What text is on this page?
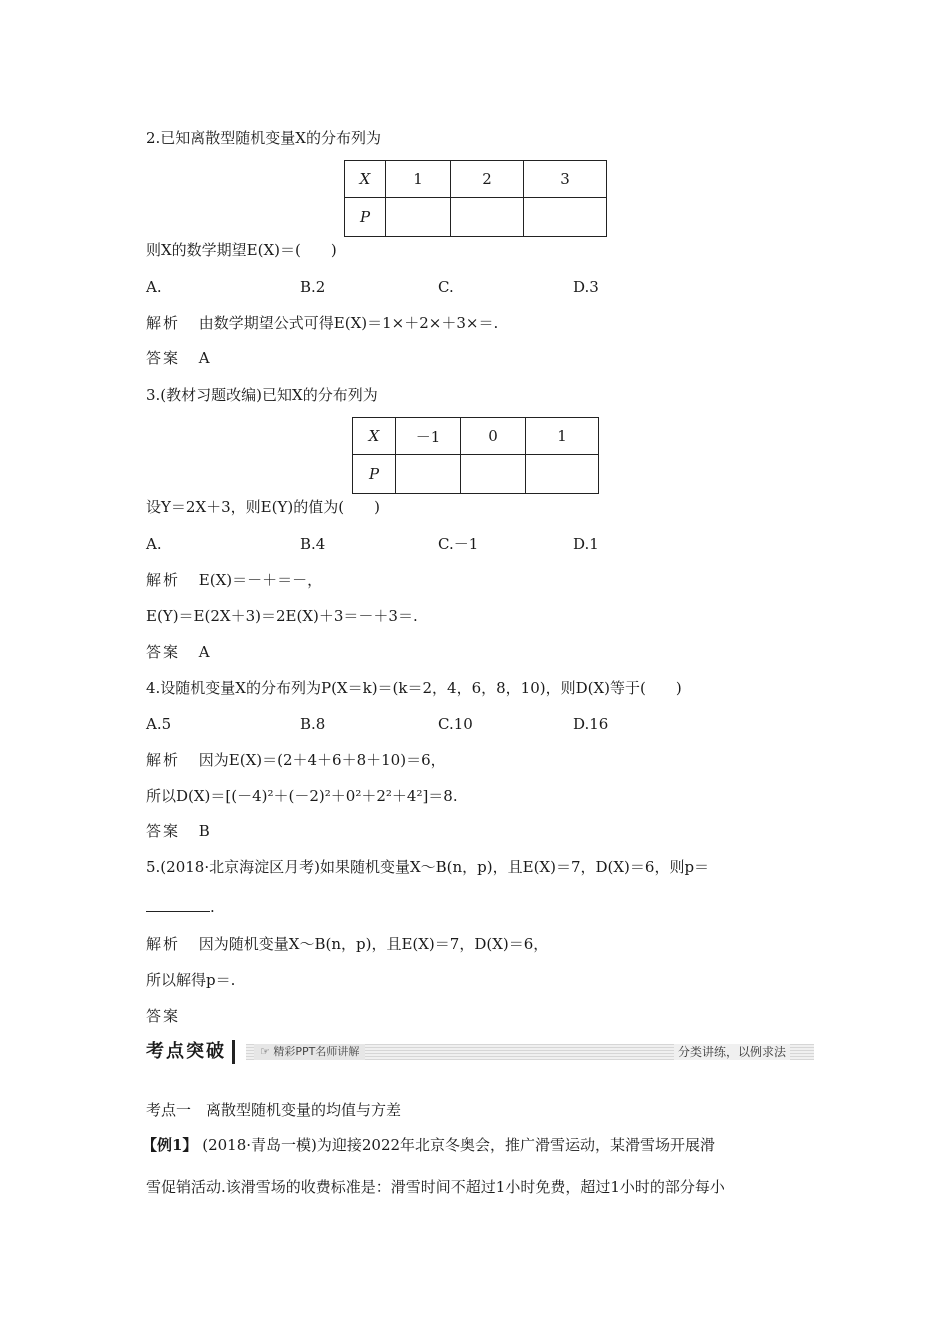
2.已知离散型随机变量X的分布列为
X	1	2	3
P			
则X的数学期望E(X)＝(　　)
A.	B.2	C.	D.3
解析 由数学期望公式可得E(X)＝1×＋2×＋3×＝.
答案 A
3.(教材习题改编)已知X的分布列为
X	－1	0	1
P			
设Y＝2X＋3，则E(Y)的值为(　　)
A.	B.4	C.－1	D.1
解析 E(X)＝－＋＝－，
E(Y)＝E(2X＋3)＝2E(X)＋3＝－＋3＝.
答案 A
4.设随机变量X的分布列为P(X＝k)＝(k＝2，4，6，8，10)，则D(X)等于(　　)
A.5	B.8	C.10	D.16
解析 因为E(X)＝(2＋4＋6＋8＋10)＝6，
所以D(X)＝[(－4)²＋(－2)²＋0²＋2²＋4²]＝8.
答案 B
5.(2018·北京海淀区月考)如果随机变量X～B(n，p)，且E(X)＝7，D(X)＝6，则p＝
.
解析 因为随机变量X～B(n，p)，且E(X)＝7，D(X)＝6，
所以解得p＝.
答案
考点突破	☞ 精彩PPT名师讲解	分类讲练，以例求法
考点一　离散型随机变量的均值与方差
【例1】 (2018·青岛一模)为迎接2022年北京冬奥会，推广滑雪运动，某滑雪场开展滑
雪促销活动.该滑雪场的收费标准是：滑雪时间不超过1小时免费，超过1小时的部分每小
